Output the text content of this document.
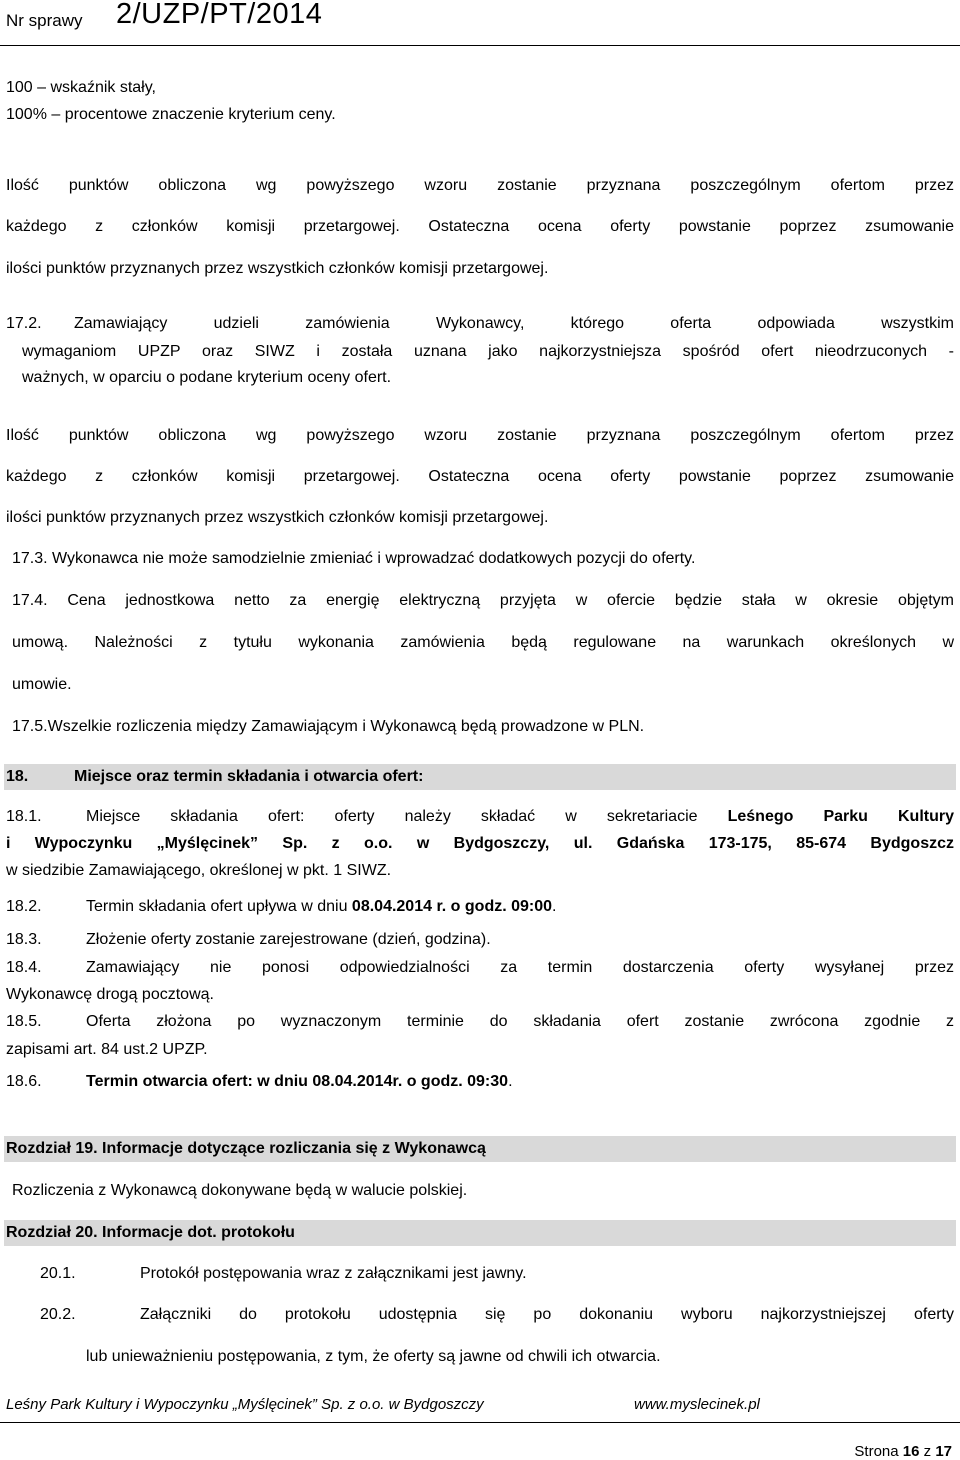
Nr sprawy 2/UZP/PT/2014
100 – wskaźnik stały,
100% – procentowe znaczenie kryterium ceny.
Ilość punktów obliczona wg powyższego wzoru zostanie przyznana poszczególnym ofertom przez
każdego z członków komisji przetargowej. Ostateczna ocena oferty powstanie poprzez zsumowanie
ilości punktów przyznanych przez wszystkich członków komisji przetargowej.
17.2. Zamawiający udzieli zamówienia Wykonawcy, którego oferta odpowiada wszystkim
wymaganiom UPZP oraz SIWZ i została uznana jako najkorzystniejsza spośród ofert nieodrzuconych -
ważnych, w oparciu o podane kryterium oceny ofert.
Ilość punktów obliczona wg powyższego wzoru zostanie przyznana poszczególnym ofertom przez
każdego z członków komisji przetargowej. Ostateczna ocena oferty powstanie poprzez zsumowanie
ilości punktów przyznanych przez wszystkich członków komisji przetargowej.
17.3. Wykonawca nie może samodzielnie zmieniać i wprowadzać dodatkowych pozycji do oferty.
17.4. Cena jednostkowa netto za energię elektryczną przyjęta w ofercie będzie stała w okresie objętym
umową. Należności z tytułu wykonania zamówienia będą regulowane na warunkach określonych w
umowie.
17.5.Wszelkie rozliczenia między Zamawiającym i Wykonawcą będą prowadzone w PLN.
18.	Miejsce oraz termin składania i otwarcia ofert:
18.1.	Miejsce składania ofert: oferty należy składać w sekretariacie Leśnego Parku Kultury
i Wypoczynku „Myślęcinek” Sp. z o.o. w Bydgoszczy, ul. Gdańska 173-175, 85-674 Bydgoszcz
w siedzibie Zamawiającego, określonej w pkt. 1 SIWZ.
18.2.	Termin składania ofert upływa w dniu 08.04.2014 r. o godz. 09:00.
18.3.	Złożenie oferty zostanie zarejestrowane (dzień, godzina).
18.4.	Zamawiający nie ponosi odpowiedzialności za termin dostarczenia oferty wysyłanej przez
Wykonawcę drogą pocztową.
18.5.	Oferta złożona po wyznaczonym terminie do składania ofert zostanie zwrócona zgodnie z
zapisami art. 84 ust.2 UPZP.
18.6.	Termin otwarcia ofert: w dniu 08.04.2014r. o godz. 09:30.
Rozdział 19. Informacje dotyczące rozliczania się z Wykonawcą
Rozliczenia z Wykonawcą dokonywane będą w walucie polskiej.
Rozdział 20. Informacje dot. protokołu
20.1.	Protokół postępowania wraz z załącznikami jest jawny.
20.2.	Załączniki do protokołu udostępnia się po dokonaniu wyboru najkorzystniejszej oferty
lub unieważnieniu postępowania, z tym, że oferty są jawne od chwili ich otwarcia.
Leśny Park Kultury i Wypoczynku „Myślęcinek” Sp. z o.o. w Bydgoszczy	www.myslecinek.pl
Strona 16 z 17
